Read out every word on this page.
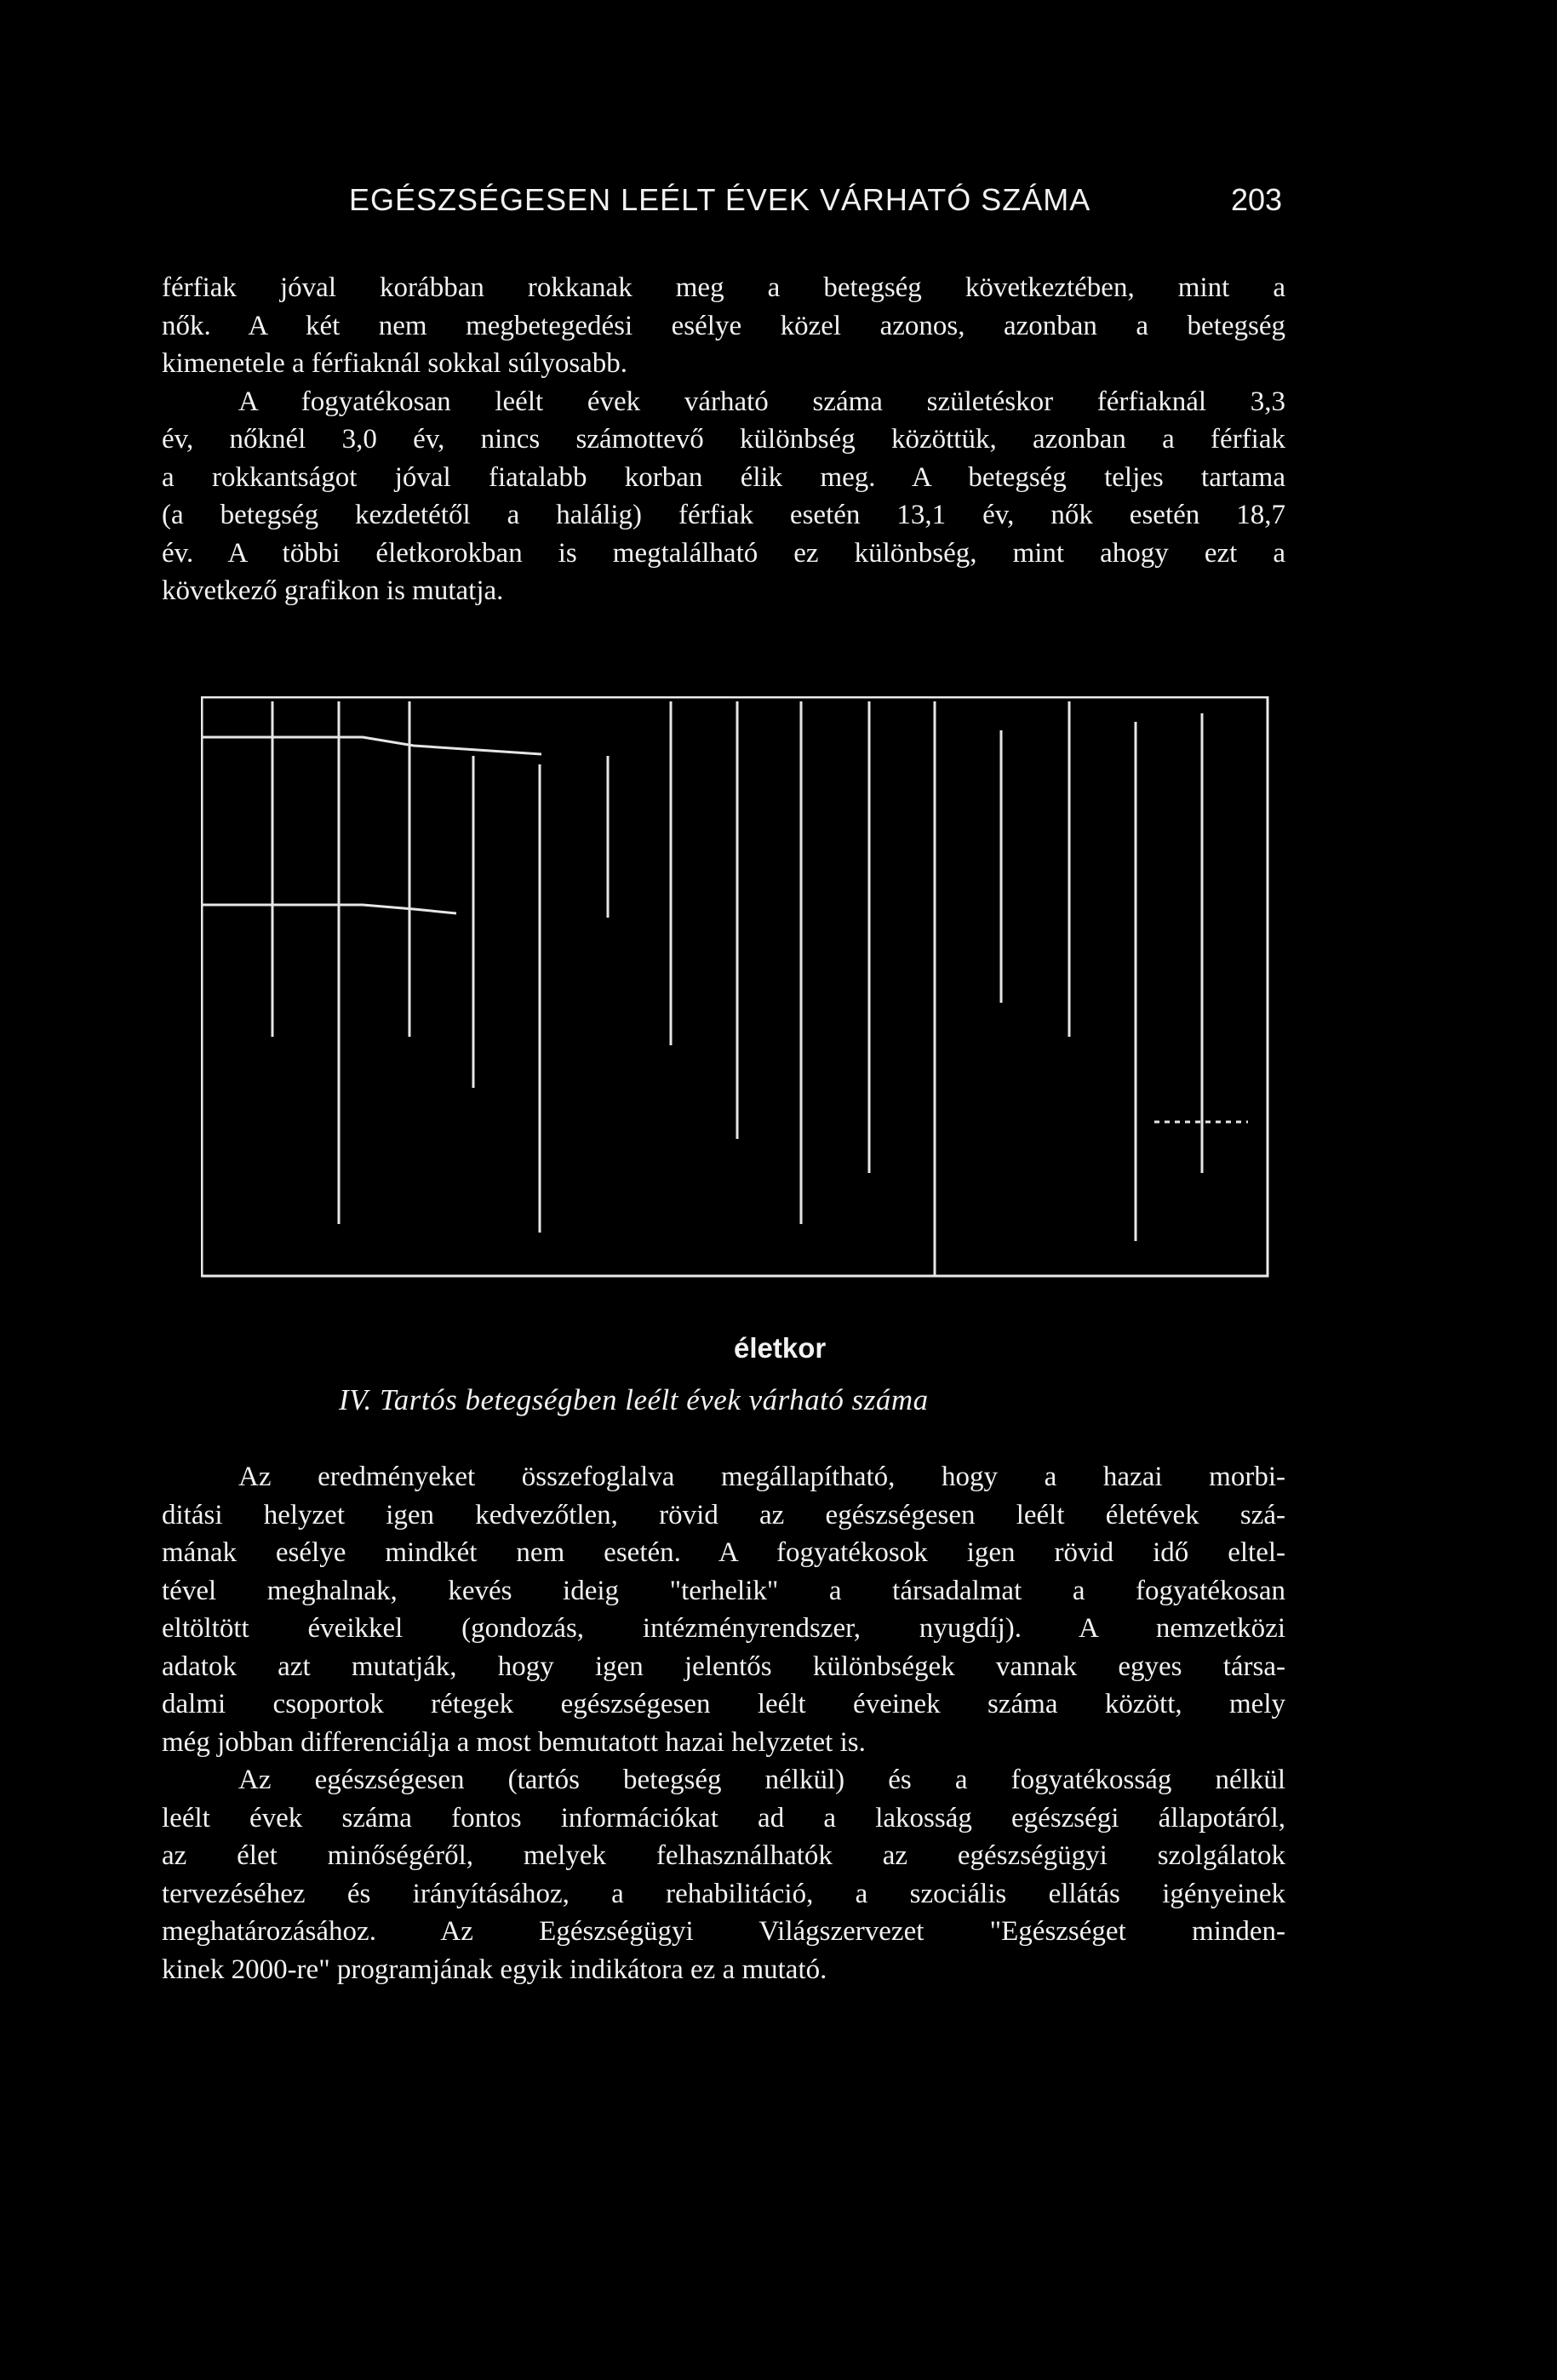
EGÉSZSÉGESEN LEÉLT ÉVEK VÁRHATÓ SZÁMA	203

férfiak jóval korábban rokkanak meg a betegség következtében, mint a
nők. A két nem megbetegedési esélye közel azonos, azonban a betegség
kimenetele a férfiaknál sokkal súlyosabb.
A fogyatékosan leélt évek várható száma születéskor férfiaknál 3,3
év, nőknél 3,0 év, nincs számottevő különbség közöttük, azonban a férfiak
a rokkantságot jóval fiatalabb korban élik meg. A betegség teljes tartama
(a betegség kezdetétől a halálig) férfiak esetén 13,1 év, nők esetén 18,7
év. A többi életkorokban is megtalálható ez különbség, mint ahogy ezt a
következő grafikon is mutatja.

életkor
IV. Tartós betegségben leélt évek várható száma

Az eredményeket összefoglalva megállapítható, hogy a hazai morbi-
ditási helyzet igen kedvezőtlen, rövid az egészségesen leélt életévek szá-
mának esélye mindkét nem esetén. A fogyatékosok igen rövid idő eltel-
tével meghalnak, kevés ideig "terhelik" a társadalmat a fogyatékosan
eltöltött éveikkel (gondozás, intézményrendszer, nyugdíj). A nemzetközi
adatok azt mutatják, hogy igen jelentős különbségek vannak egyes társa-
dalmi csoportok rétegek egészségesen leélt éveinek száma között, mely
még jobban differenciálja a most bemutatott hazai helyzetet is.
Az egészségesen (tartós betegség nélkül) és a fogyatékosság nélkül
leélt évek száma fontos információkat ad a lakosság egészségi állapotáról,
az élet minőségéről, melyek felhasználhatók az egészségügyi szolgálatok
tervezéséhez és irányításához, a rehabilitáció, a szociális ellátás igényeinek
meghatározásához. Az Egészségügyi Világszervezet "Egészséget minden-
kinek 2000-re" programjának egyik indikátora ez a mutató.
